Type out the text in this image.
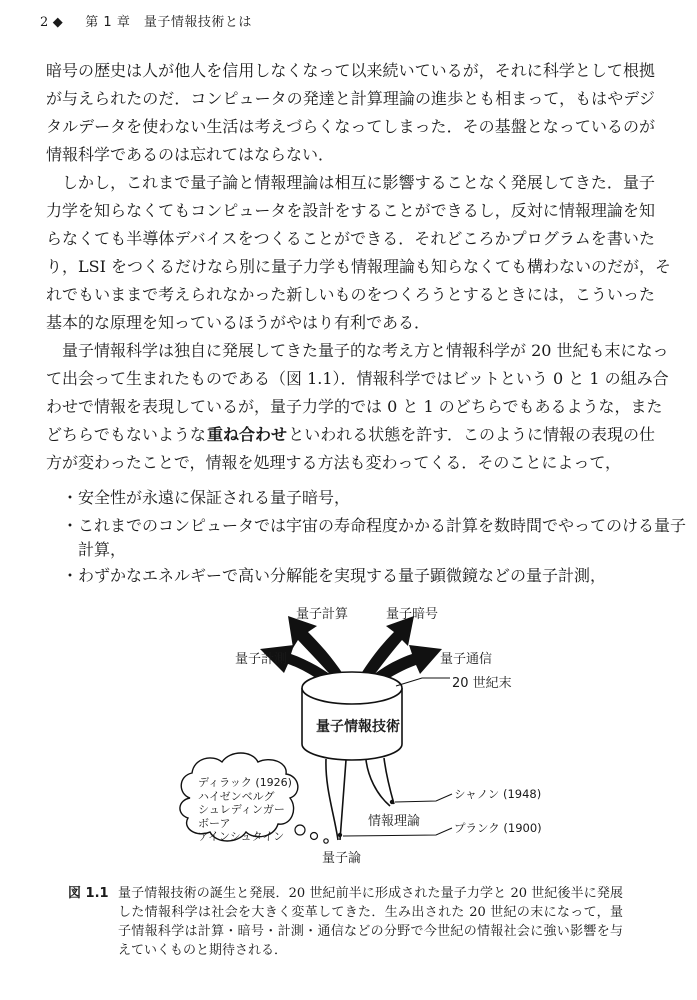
2 ◆ 第 1 章　量子情報技術とは
暗号の歴史は人が他人を信用しなくなって以来続いているが，それに科学として根拠
が与えられたのだ．コンピュータの発達と計算理論の進歩とも相まって，もはやデジ
タルデータを使わない生活は考えづらくなってしまった．その基盤となっているのが
情報科学であるのは忘れてはならない．
　しかし，これまで量子論と情報理論は相互に影響することなく発展してきた．量子
力学を知らなくてもコンピュータを設計をすることができるし，反対に情報理論を知
らなくても半導体デバイスをつくることができる．それどころかプログラムを書いた
り，LSI をつくるだけなら別に量子力学も情報理論も知らなくても構わないのだが，そ
れでもいままで考えられなかった新しいものをつくろうとするときには，こういった
基本的な原理を知っているほうがやはり有利である．
　量子情報科学は独自に発展してきた量子的な考え方と情報科学が 20 世紀も末になっ
て出会って生まれたものである（図 1.1）．情報科学ではビットという 0 と 1 の組み合
わせで情報を表現しているが，量子力学的では 0 と 1 のどちらでもあるような，また
どちらでもないような 重ね合わせ といわれる状態を許す．このように情報の表現の仕
方が変わったことで，情報を処理する方法も変わってくる．そのことによって，
・安全性が永遠に保証される量子暗号，
・これまでのコンピュータでは宇宙の寿命程度かかる計算を数時間でやってのける量子
計算，
・わずかなエネルギーで高い分解能を実現する量子顕微鏡などの量子計測，
量子計算	量子暗号
量子計測	量子通信
20 世紀末
量子情報技術
シャノン (1948)
プランク (1900)
情報理論
量子論
ディラック (1926)
ハイゼンベルグ
シュレディンガー
ボーア
アインシュタイン
図 1.1 量子情報技術の誕生と発展．20 世紀前半に形成された量子力学と 20 世紀後半に発展
した情報科学は社会を大きく変革してきた．生み出された 20 世紀の末になって，量
子情報科学は計算・暗号・計測・通信などの分野で今世紀の情報社会に強い影響を与
えていくものと期待される．
